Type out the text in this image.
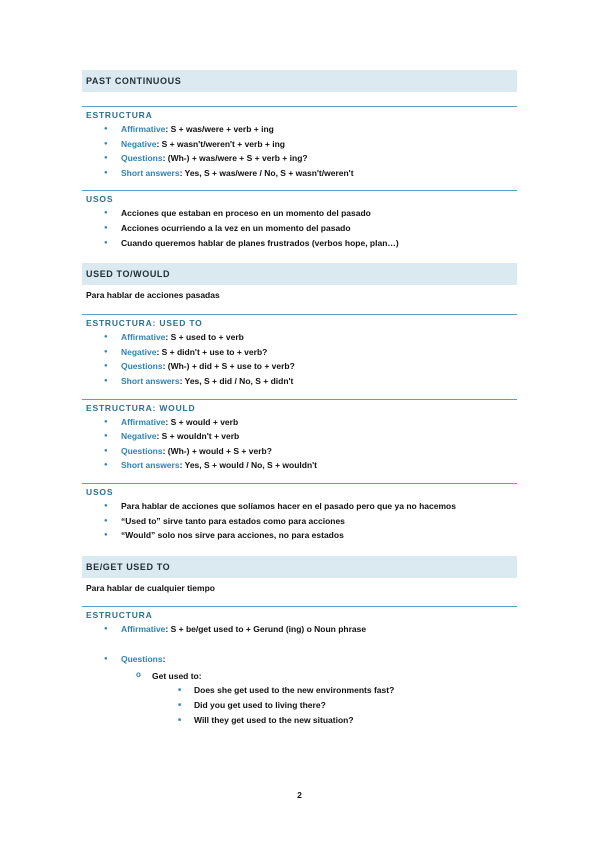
PAST CONTINUOUS
ESTRUCTURA
● Affirmative: S + was/were + verb + ing
● Negative: S + wasn't/weren't + verb + ing
● Questions: (Wh-) + was/were + S + verb + ing?
● Short answers: Yes, S + was/were / No, S + wasn't/weren't
USOS
● Acciones que estaban en proceso en un momento del pasado
● Acciones ocurriendo a la vez en un momento del pasado
● Cuando queremos hablar de planes frustrados (verbos hope, plan…)
USED TO/WOULD
Para hablar de acciones pasadas
ESTRUCTURA: USED TO
● Affirmative: S + used to + verb
● Negative: S + didn't + use to + verb?
● Questions: (Wh-) + did + S + use to + verb?
● Short answers: Yes, S + did / No, S + didn't
ESTRUCTURA: WOULD
● Affirmative: S + would + verb
● Negative: S + wouldn't + verb
● Questions: (Wh-) + would + S + verb?
● Short answers: Yes, S + would / No, S + wouldn't
USOS
● Para hablar de acciones que solíamos hacer en el pasado pero que ya no hacemos
● “Used to” sirve tanto para estados como para acciones
● “Would” solo nos sirve para acciones, no para estados
BE/GET USED TO
Para hablar de cualquier tiempo
ESTRUCTURA
● Affirmative: S + be/get used to + Gerund (ing) o Noun phrase
● Questions:
o Get used to:
■ Does she get used to the new environments fast?
■ Did you get used to living there?
■ Will they get used to the new situation?
2
